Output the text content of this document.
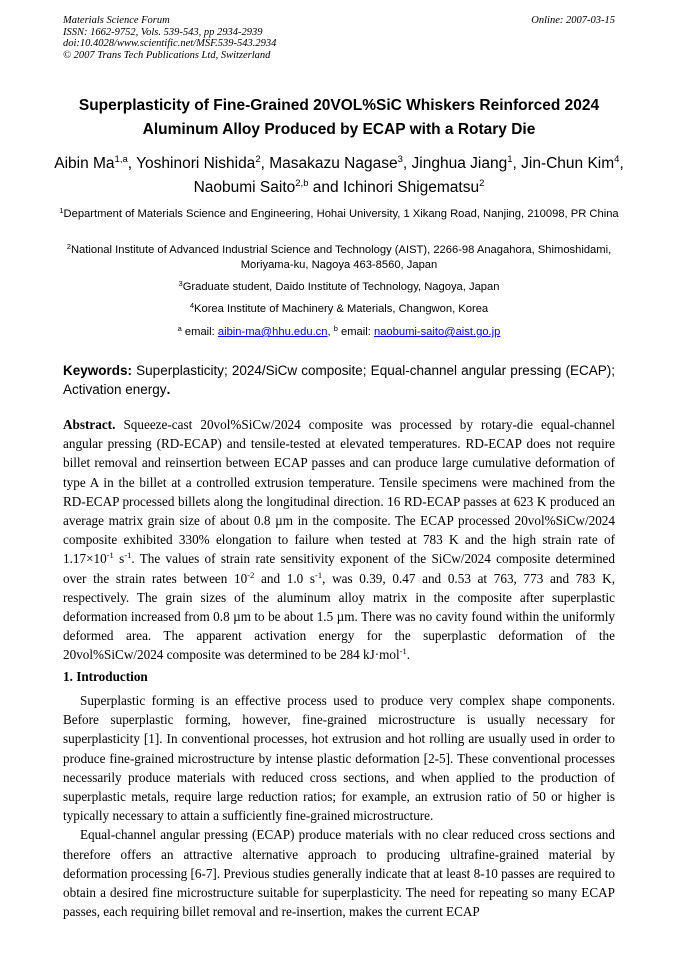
Materials Science Forum
ISSN: 1662-9752, Vols. 539-543, pp 2934-2939
doi:10.4028/www.scientific.net/MSF.539-543.2934
© 2007 Trans Tech Publications Ltd, Switzerland
Online: 2007-03-15
Superplasticity of Fine-Grained 20VOL%SiC Whiskers Reinforced 2024 Aluminum Alloy Produced by ECAP with a Rotary Die
Aibin Ma$^{1,a}$, Yoshinori Nishida$^2$, Masakazu Nagase$^3$, Jinghua Jiang$^1$, Jin-Chun Kim$^4$, Naobumi Saito$^{2,b}$ and Ichinori Shigematsu$^2$
$^1$Department of Materials Science and Engineering, Hohai University, 1 Xikang Road, Nanjing, 210098, PR China
$^2$National Institute of Advanced Industrial Science and Technology (AIST), 2266-98 Anagahora, Shimoshidami, Moriyama-ku, Nagoya 463-8560, Japan
$^3$Graduate student, Daido Institute of Technology, Nagoya, Japan
$^4$Korea Institute of Machinery & Materials, Changwon, Korea
$^a$ email: aibin-ma@hhu.edu.cn, $^b$ email: naobumi-saito@aist.go.jp
Keywords: Superplasticity; 2024/SiCw composite; Equal-channel angular pressing (ECAP); Activation energy.
Abstract. Squeeze-cast 20vol%SiCw/2024 composite was processed by rotary-die equal-channel angular pressing (RD-ECAP) and tensile-tested at elevated temperatures. RD-ECAP does not require billet removal and reinsertion between ECAP passes and can produce large cumulative deformation of type A in the billet at a controlled extrusion temperature. Tensile specimens were machined from the RD-ECAP processed billets along the longitudinal direction. 16 RD-ECAP passes at 623 K produced an average matrix grain size of about 0.8 µm in the composite. The ECAP processed 20vol%SiCw/2024 composite exhibited 330% elongation to failure when tested at 783 K and the high strain rate of $1.17\times 10^{-1}$ $s^{-1}$. The values of strain rate sensitivity exponent of the SiCw/2024 composite determined over the strain rates between $10^{-2}$ and 1.0 $s^{-1}$, was 0.39, 0.47 and 0.53 at 763, 773 and 783 K, respectively. The grain sizes of the aluminum alloy matrix in the composite after superplastic deformation increased from 0.8 µm to be about 1.5 µm. There was no cavity found within the uniformly deformed area. The apparent activation energy for the superplastic deformation of the 20vol%SiCw/2024 composite was determined to be 284 kJ·mol$^{-1}$.
1. Introduction

Superplastic forming is an effective process used to produce very complex shape components. Before superplastic forming, however, fine-grained microstructure is usually necessary for superplasticity [1]. In conventional processes, hot extrusion and hot rolling are usually used in order to produce fine-grained microstructure by intense plastic deformation [2-5]. These conventional processes necessarily produce materials with reduced cross sections, and when applied to the production of superplastic metals, require large reduction ratios; for example, an extrusion ratio of 50 or higher is typically necessary to attain a sufficiently fine-grained microstructure.

Equal-channel angular pressing (ECAP) produce materials with no clear reduced cross sections and therefore offers an attractive alternative approach to producing ultrafine-grained material by deformation processing [6-7]. Previous studies generally indicate that at least 8-10 passes are required to obtain a desired fine microstructure suitable for superplasticity. The need for repeating so many ECAP passes, each requiring billet removal and re-insertion, makes the current ECAP
